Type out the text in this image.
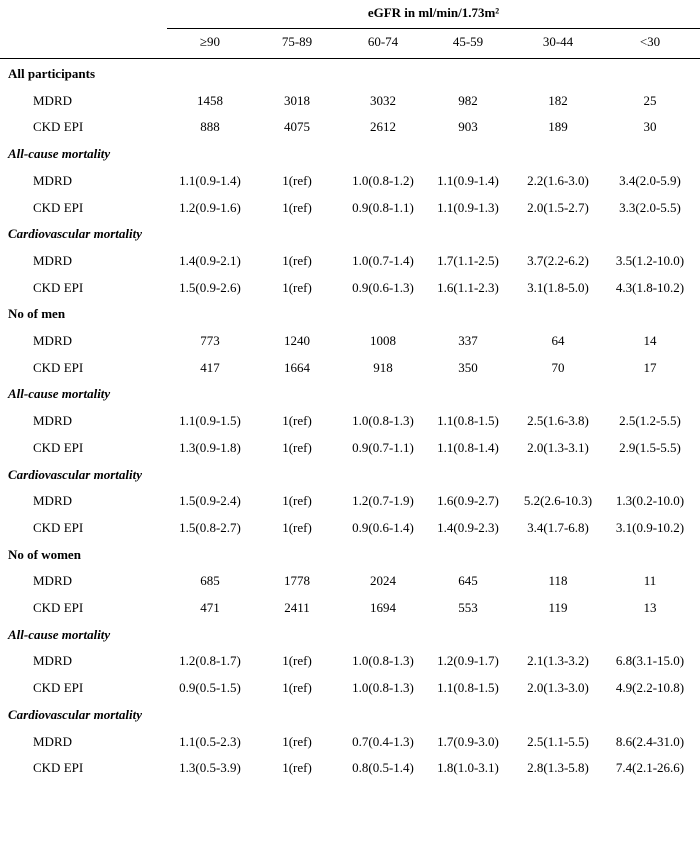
eGFR in ml/min/1.73m²
≥90	75-89	60-74	45-59	30-44	<30
All participants
MDRD	1458	3018	3032	982	182	25
CKD EPI	888	4075	2612	903	189	30
All-cause mortality
MDRD	1.1(0.9-1.4)	1(ref)	1.0(0.8-1.2)	1.1(0.9-1.4)	2.2(1.6-3.0)	3.4(2.0-5.9)
CKD EPI	1.2(0.9-1.6)	1(ref)	0.9(0.8-1.1)	1.1(0.9-1.3)	2.0(1.5-2.7)	3.3(2.0-5.5)
Cardiovascular mortality
MDRD	1.4(0.9-2.1)	1(ref)	1.0(0.7-1.4)	1.7(1.1-2.5)	3.7(2.2-6.2)	3.5(1.2-10.0)
CKD EPI	1.5(0.9-2.6)	1(ref)	0.9(0.6-1.3)	1.6(1.1-2.3)	3.1(1.8-5.0)	4.3(1.8-10.2)
No of men
MDRD	773	1240	1008	337	64	14
CKD EPI	417	1664	918	350	70	17
All-cause mortality
MDRD	1.1(0.9-1.5)	1(ref)	1.0(0.8-1.3)	1.1(0.8-1.5)	2.5(1.6-3.8)	2.5(1.2-5.5)
CKD EPI	1.3(0.9-1.8)	1(ref)	0.9(0.7-1.1)	1.1(0.8-1.4)	2.0(1.3-3.1)	2.9(1.5-5.5)
Cardiovascular mortality
MDRD	1.5(0.9-2.4)	1(ref)	1.2(0.7-1.9)	1.6(0.9-2.7)	5.2(2.6-10.3)	1.3(0.2-10.0)
CKD EPI	1.5(0.8-2.7)	1(ref)	0.9(0.6-1.4)	1.4(0.9-2.3)	3.4(1.7-6.8)	3.1(0.9-10.2)
No of women
MDRD	685	1778	2024	645	118	11
CKD EPI	471	2411	1694	553	119	13
All-cause mortality
MDRD	1.2(0.8-1.7)	1(ref)	1.0(0.8-1.3)	1.2(0.9-1.7)	2.1(1.3-3.2)	6.8(3.1-15.0)
CKD EPI	0.9(0.5-1.5)	1(ref)	1.0(0.8-1.3)	1.1(0.8-1.5)	2.0(1.3-3.0)	4.9(2.2-10.8)
Cardiovascular mortality
MDRD	1.1(0.5-2.3)	1(ref)	0.7(0.4-1.3)	1.7(0.9-3.0)	2.5(1.1-5.5)	8.6(2.4-31.0)
CKD EPI	1.3(0.5-3.9)	1(ref)	0.8(0.5-1.4)	1.8(1.0-3.1)	2.8(1.3-5.8)	7.4(2.1-26.6)
